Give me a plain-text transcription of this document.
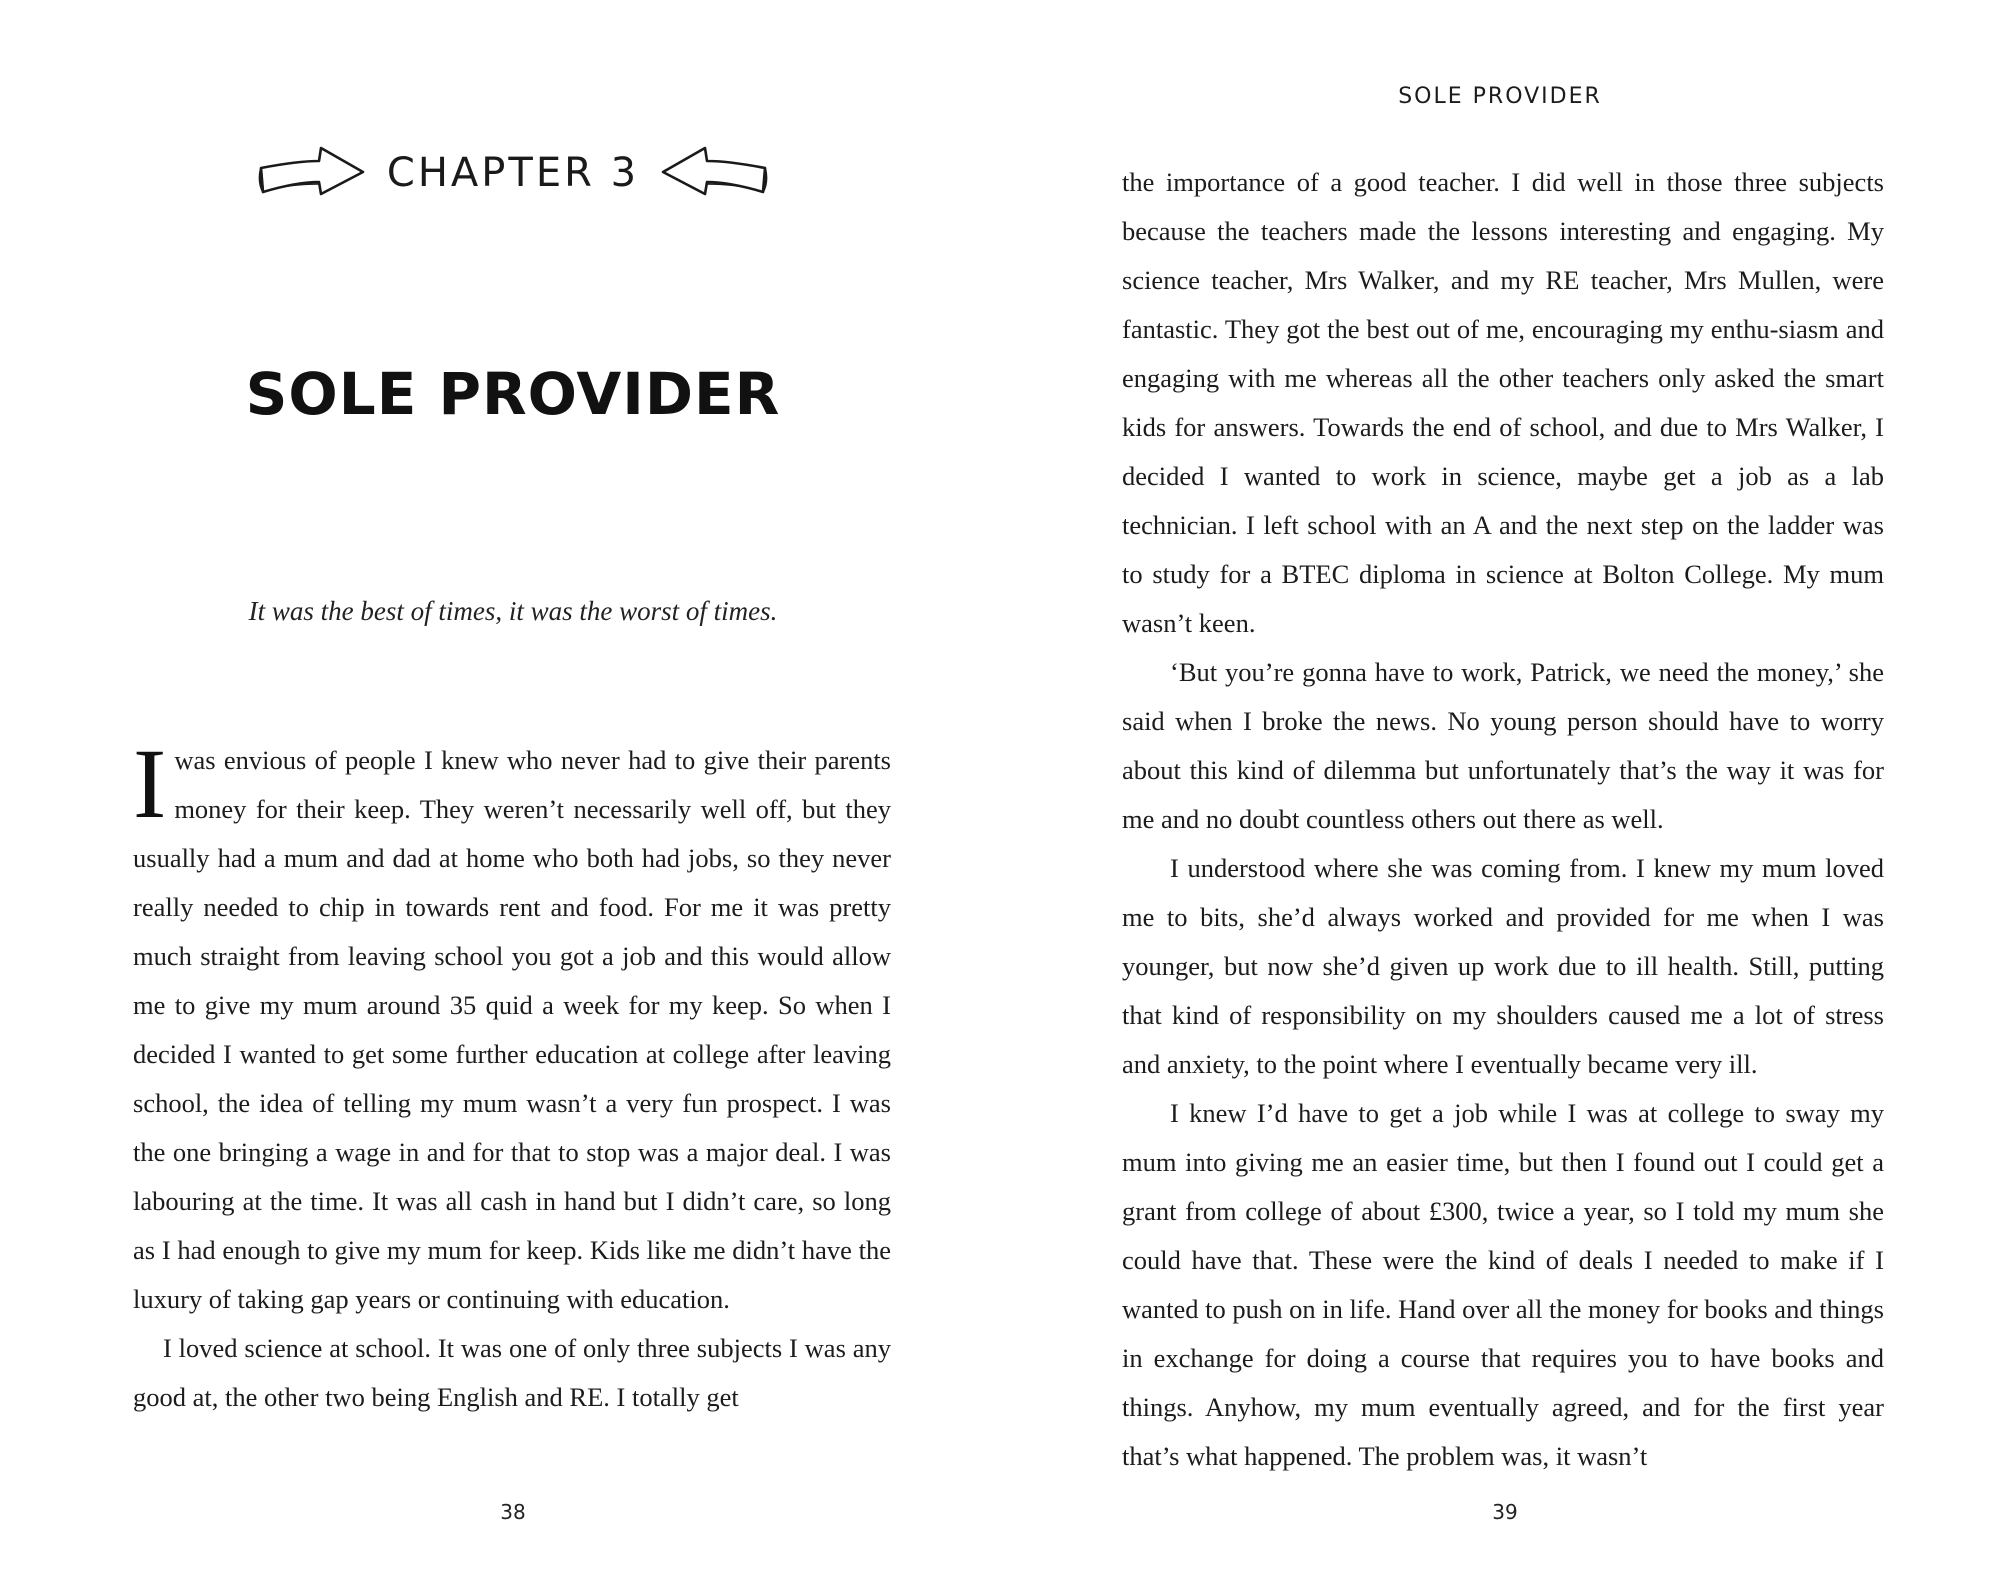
CHAPTER 3
SOLE PROVIDER

It was the best of times, it was the worst of times.

Iwas envious of people I knew who never had to give their parents money for their keep. They weren’t necessarily well off, but they usually had a mum and dad at home who both had jobs, so they never really needed to chip in towards rent and food. For me it was pretty much straight from leaving school you got a job and this would allow me to give my mum around 35 quid a week for my keep. So when I decided I wanted to get some further education at college after leaving school, the idea of telling my mum wasn’t a very fun prospect. I was the one bringing a wage in and for that to stop was a major deal. I was labouring at the time. It was all cash in hand but I didn’t care, so long as I had enough to give my mum for keep. Kids like me didn’t have the luxury of taking gap years or continuing with education.

I loved science at school. It was one of only three subjects I was any good at, the other two being English and RE. I totally get

38
SOLE PROVIDER

the importance of a good teacher. I did well in those three subjects because the teachers made the lessons interesting and engaging. My science teacher, Mrs Walker, and my RE teacher, Mrs Mullen, were fantastic. They got the best out of me, encouraging my enthu-siasm and engaging with me whereas all the other teachers only asked the smart kids for answers. Towards the end of school, and due to Mrs Walker, I decided I wanted to work in science, maybe get a job as a lab technician. I left school with an A and the next step on the ladder was to study for a BTEC diploma in science at Bolton College. My mum wasn’t keen.

‘But you’re gonna have to work, Patrick, we need the money,’ she said when I broke the news. No young person should have to worry about this kind of dilemma but unfortunately that’s the way it was for me and no doubt countless others out there as well.

I understood where she was coming from. I knew my mum loved me to bits, she’d always worked and provided for me when I was younger, but now she’d given up work due to ill health. Still, putting that kind of responsibility on my shoulders caused me a lot of stress and anxiety, to the point where I eventually became very ill.

I knew I’d have to get a job while I was at college to sway my mum into giving me an easier time, but then I found out I could get a grant from college of about £300, twice a year, so I told my mum she could have that. These were the kind of deals I needed to make if I wanted to push on in life. Hand over all the money for books and things in exchange for doing a course that requires you to have books and things. Anyhow, my mum eventually agreed, and for the first year that’s what happened. The problem was, it wasn’t

39
